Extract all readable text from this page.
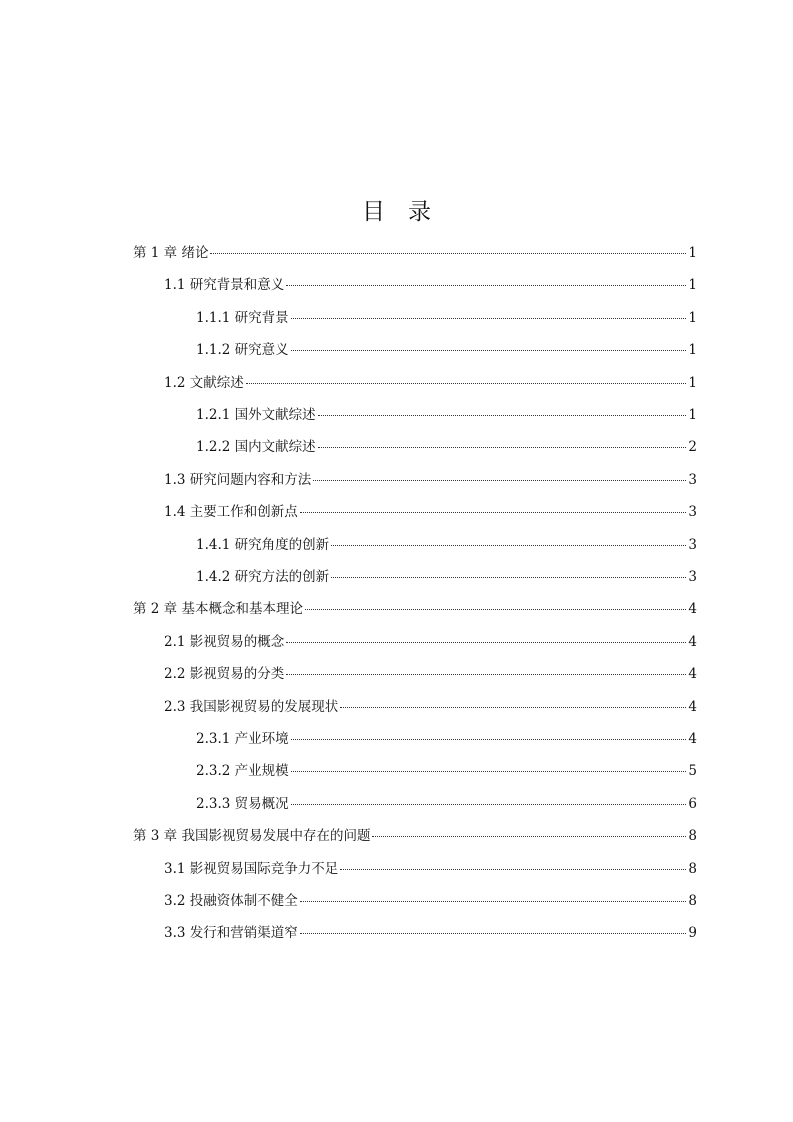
目　录
第 1 章 绪论	1
1.1 研究背景和意义	1
1.1.1 研究背景	1
1.1.2 研究意义	1
1.2 文献综述	1
1.2.1 国外文献综述	1
1.2.2 国内文献综述	2
1.3 研究问题内容和方法	3
1.4 主要工作和创新点	3
1.4.1 研究角度的创新	3
1.4.2 研究方法的创新	3
第 2 章 基本概念和基本理论	4
2.1 影视贸易的概念	4
2.2 影视贸易的分类	4
2.3 我国影视贸易的发展现状	4
2.3.1 产业环境	4
2.3.2 产业规模	5
2.3.3 贸易概况	6
第 3 章 我国影视贸易发展中存在的问题	8
3.1 影视贸易国际竞争力不足	8
3.2 投融资体制不健全	8
3.3 发行和营销渠道窄	9
